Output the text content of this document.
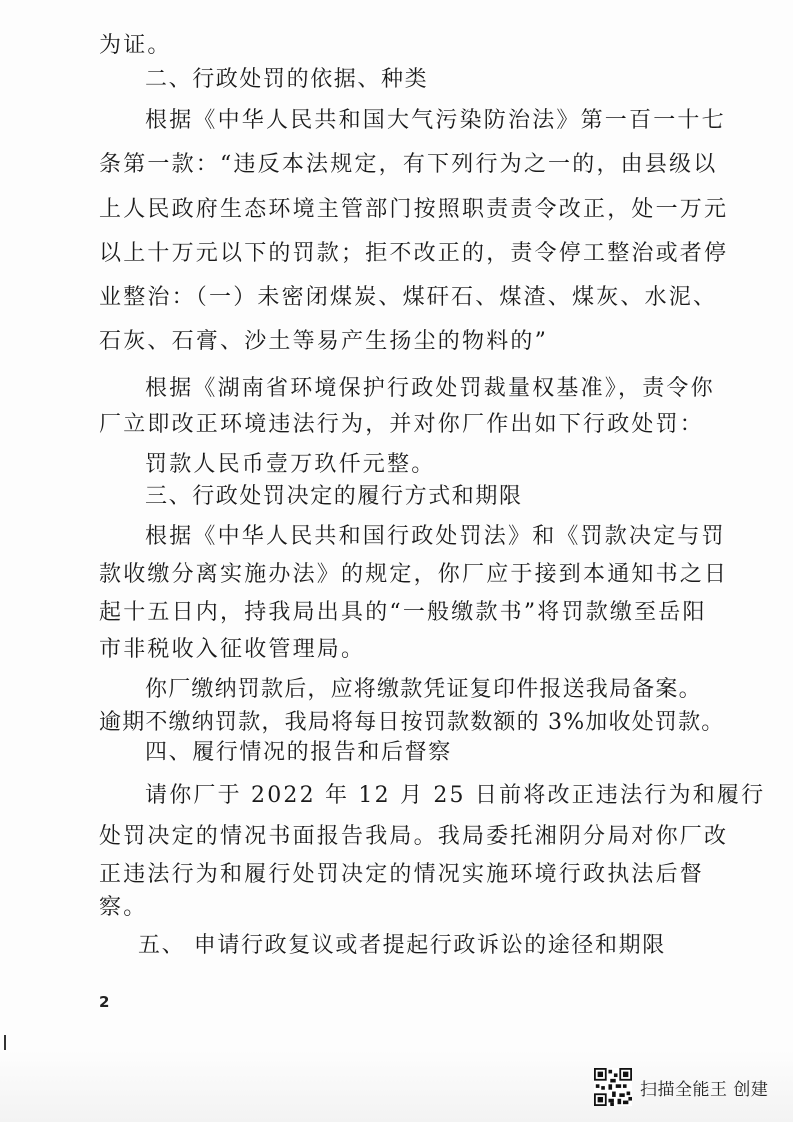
为证。
二、行政处罚的依据、种类
根据《中华人民共和国大气污染防治法》第一百一十七
条第一款：“违反本法规定，有下列行为之一的，由县级以
上人民政府生态环境主管部门按照职责责令改正，处一万元
以上十万元以下的罚款；拒不改正的，责令停工整治或者停
业整治：（一）未密闭煤炭、煤矸石、煤渣、煤灰、水泥、
石灰、石膏、沙土等易产生扬尘的物料的”
根据《湖南省环境保护行政处罚裁量权基准》，责令你
厂立即改正环境违法行为，并对你厂作出如下行政处罚：
罚款人民币壹万玖仟元整。
三、行政处罚决定的履行方式和期限
根据《中华人民共和国行政处罚法》和《罚款决定与罚
款收缴分离实施办法》的规定，你厂应于接到本通知书之日
起十五日内，持我局出具的“一般缴款书”将罚款缴至岳阳
市非税收入征收管理局。
你厂缴纳罚款后，应将缴款凭证复印件报送我局备案。
逾期不缴纳罚款，我局将每日按罚款数额的 3%加收处罚款。
四、履行情况的报告和后督察
请你厂于 2022 年 12 月 25 日前将改正违法行为和履行
处罚决定的情况书面报告我局。我局委托湘阴分局对你厂改
正违法行为和履行处罚决定的情况实施环境行政执法后督
察。
五、 申请行政复议或者提起行政诉讼的途径和期限
2
扫描全能王 创建
